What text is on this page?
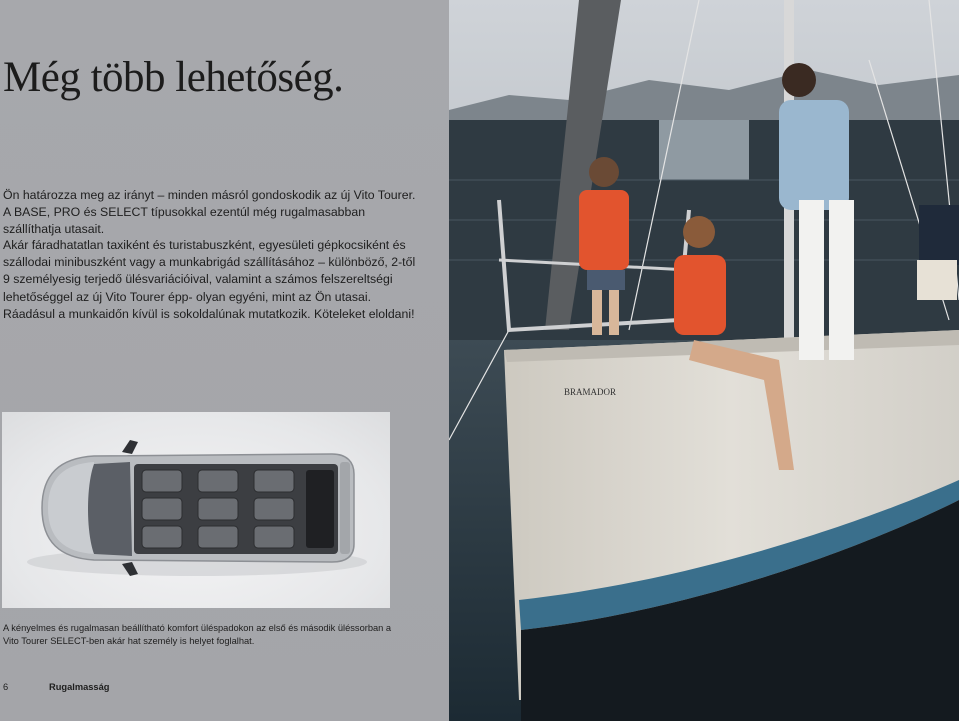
Még több lehetőség.

Ön határozza meg az irányt – minden másról gondoskodik az új Vito Tourer. A BASE, PRO és SELECT típusokkal ezentúl még rugalmasabban szállíthatja utasait.

Akár fáradhatatlan taxiként és turistabuszként, egyesületi gépkocsiként és szállodai minibuszként vagy a munkabrigád szállításához – különböző, 2-től 9 személyesig terjedő ülésvariációival, valamint a számos felszereltségi lehetőséggel az új Vito Tourer épp- olyan egyéni, mint az Ön utasai. Ráadásul a munkaidőn kívül is sokoldalúnak mutatkozik. Köteleket eloldani!

A kényelmes és rugalmasan beállítható komfort üléspadokon az első és második üléssorban a Vito Tourer SELECT-ben akár hat személy is helyet foglalhat.

6	Rugalmasság
BRAMADOR
